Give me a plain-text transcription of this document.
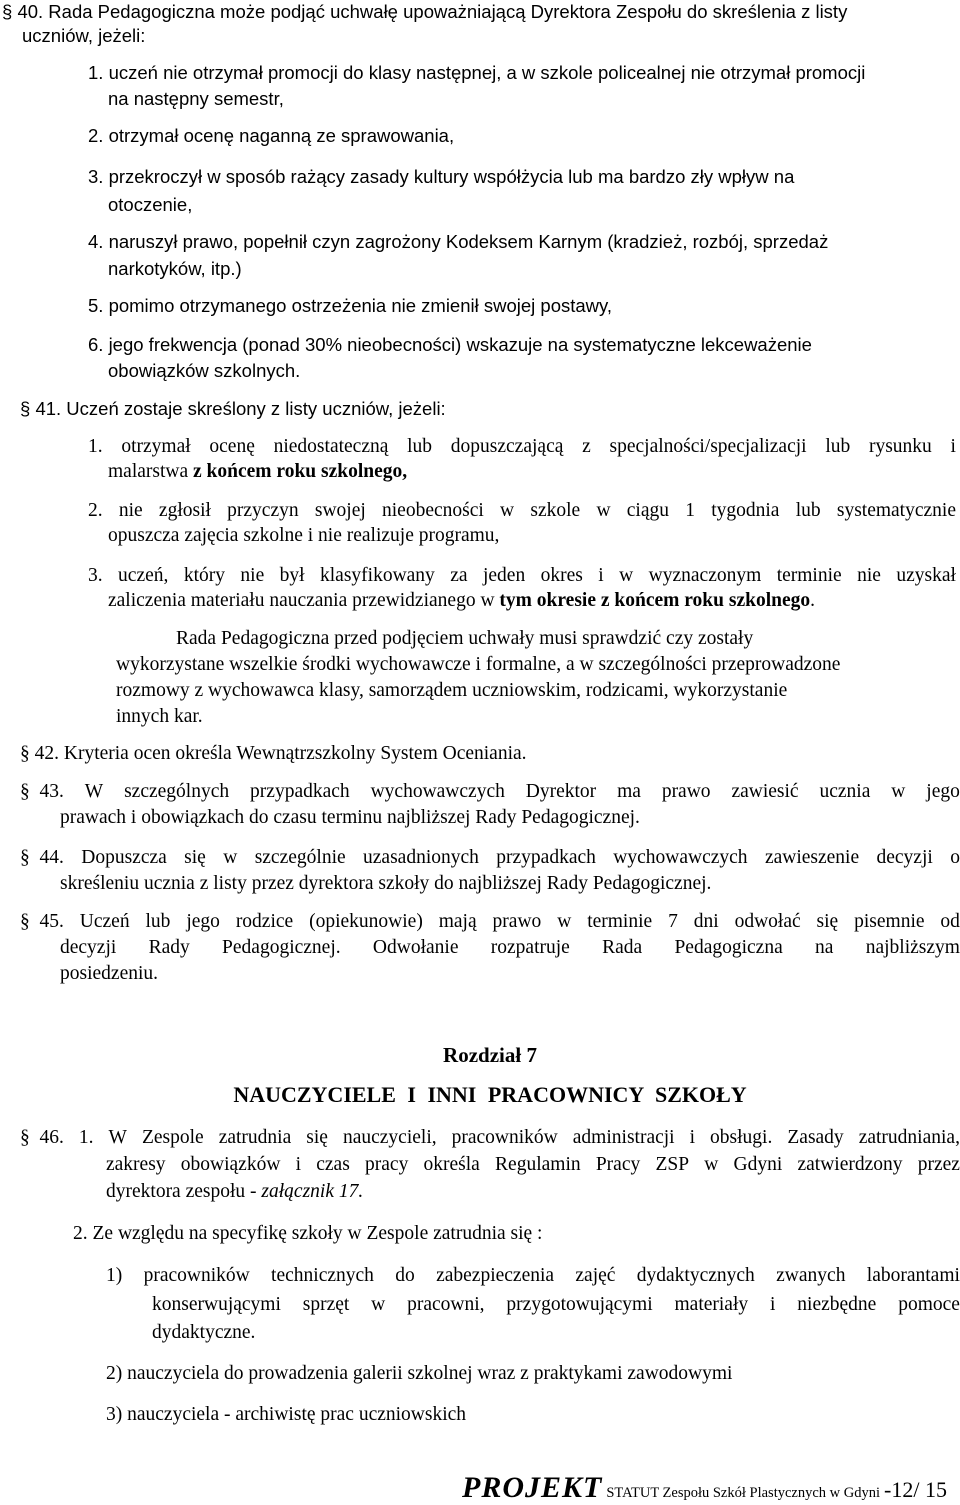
§ 40. Rada Pedagogiczna może podjąć uchwałę upoważniającą Dyrektora Zespołu do skreślenia z listy
uczniów, jeżeli:
1. uczeń nie otrzymał promocji do klasy następnej, a w szkole policealnej nie otrzymał promocji
na następny semestr,
2. otrzymał ocenę naganną ze sprawowania,
3. przekroczył w sposób rażący zasady kultury współżycia lub ma bardzo zły wpływ na
otoczenie,
4. naruszył prawo, popełnił czyn zagrożony Kodeksem Karnym (kradzież, rozbój, sprzedaż
narkotyków, itp.)
5. pomimo otrzymanego ostrzeżenia nie zmienił swojej postawy,
6. jego frekwencja (ponad 30% nieobecności) wskazuje na systematyczne lekceważenie
obowiązków szkolnych.
§ 41. Uczeń zostaje skreślony z listy uczniów, jeżeli:
1. otrzymał ocenę niedostateczną lub dopuszczającą z specjalności/specjalizacji lub rysunku i
malarstwa z końcem roku szkolnego,
2. nie zgłosił przyczyn swojej nieobecności w szkole w ciągu 1 tygodnia lub systematycznie
opuszcza zajęcia szkolne i nie realizuje programu,
3. uczeń, który nie był klasyfikowany za jeden okres i w wyznaczonym terminie nie uzyskał
zaliczenia materiału nauczania przewidzianego w tym okresie z końcem roku szkolnego.
Rada Pedagogiczna przed podjęciem uchwały musi sprawdzić czy zostały
wykorzystane wszelkie środki wychowawcze i formalne, a w szczególności przeprowadzone
rozmowy z wychowawca klasy, samorządem uczniowskim, rodzicami, wykorzystanie
innych kar.
§ 42. Kryteria ocen określa Wewnątrzszkolny System Oceniania.
§  43. W szczególnych przypadkach wychowawczych Dyrektor ma prawo zawiesić ucznia w jego
prawach i obowiązkach do czasu terminu najbliższej Rady Pedagogicznej.
§  44. Dopuszcza się w szczególnie uzasadnionych przypadkach wychowawczych zawieszenie decyzji o
skreśleniu ucznia z listy przez dyrektora szkoły do najbliższej Rady Pedagogicznej.
§  45. Uczeń lub jego rodzice (opiekunowie) mają prawo w terminie 7 dni odwołać się pisemnie od
decyzji Rady Pedagogicznej. Odwołanie rozpatruje Rada Pedagogiczna na najbliższym
posiedzeniu.
Rozdział 7
NAUCZYCIELE I INNI PRACOWNICY SZKOŁY
§  46. 1. W Zespole zatrudnia się nauczycieli, pracowników administracji i obsługi. Zasady zatrudniania,
zakresy obowiązków i czas pracy określa Regulamin Pracy ZSP w Gdyni zatwierdzony przez
dyrektora zespołu - załącznik 17.
2. Ze względu na specyfikę szkoły w Zespole zatrudnia się :
1) pracowników technicznych do zabezpieczenia zajęć dydaktycznych zwanych laborantami
konserwującymi sprzęt w pracowni, przygotowującymi materiały i niezbędne pomoce
dydaktyczne.
2) nauczyciela do prowadzenia galerii szkolnej wraz z praktykami zawodowymi
3) nauczyciela - archiwistę prac uczniowskich
PROJEKT STATUT Zespołu Szkół Plastycznych w Gdyni -12/ 15
